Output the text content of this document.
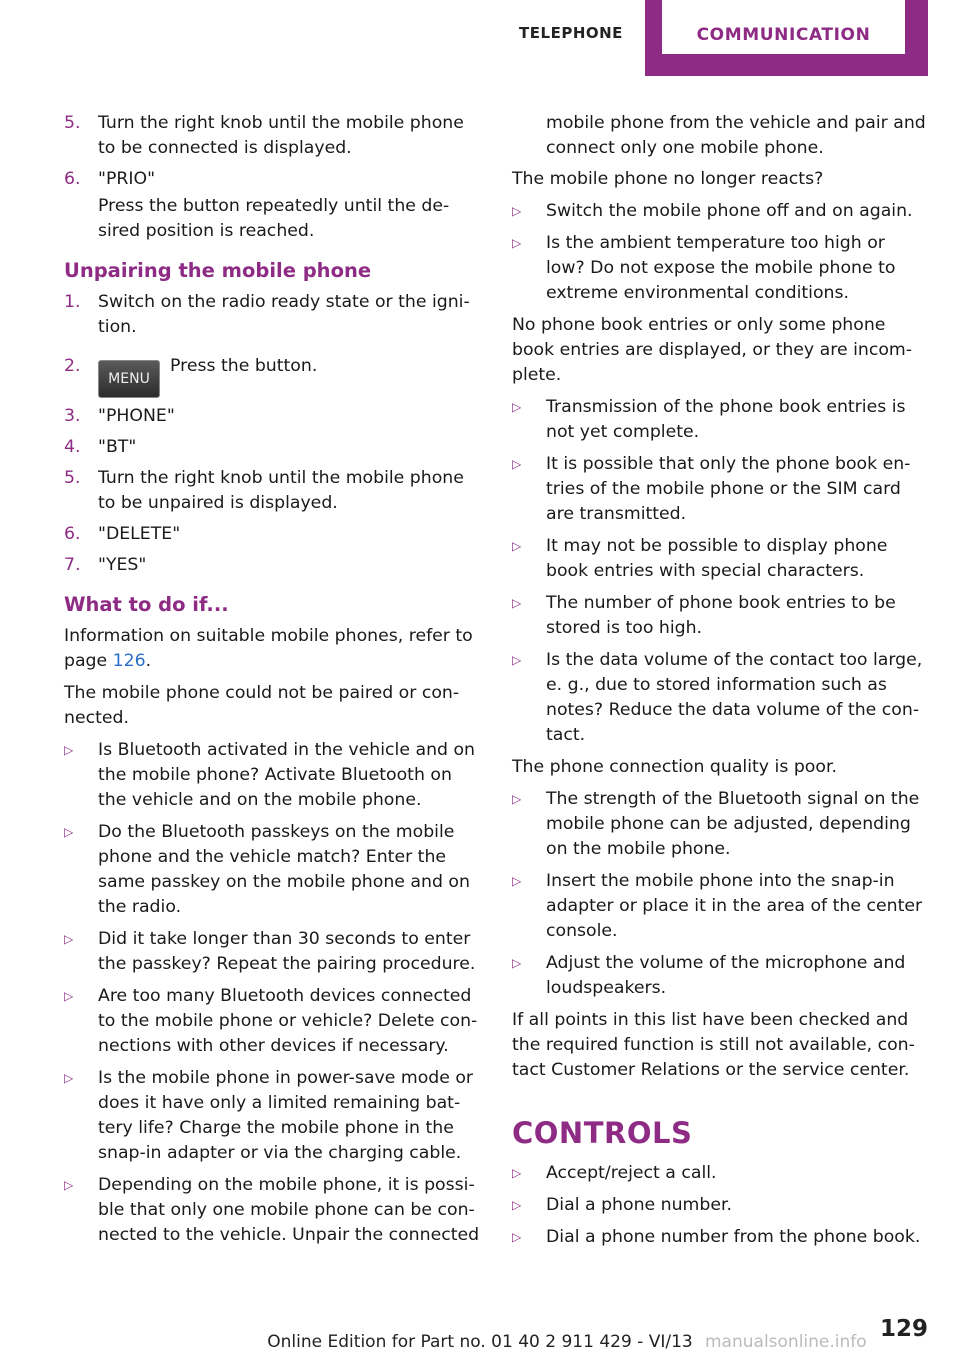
TELEPHONE	COMMUNICATION
5.	Turn the right knob until the mobile phone to be connected is displayed.
6.	"PRIO"
Press the button repeatedly until the de‐sired position is reached.
Unpairing the mobile phone
1.	Switch on the radio ready state or the igni‐tion.
2.
MENUPress the button.
3.	"PHONE"
4.	"BT"
5.	Turn the right knob until the mobile phone to be unpaired is displayed.
6.	"DELETE"
7.	"YES"
What to do if...

Information on suitable mobile phones, refer to page 126.

The mobile phone could not be paired or con‐nected.

▷	Is Bluetooth activated in the vehicle and on the mobile phone? Activate Bluetooth on the vehicle and on the mobile phone.
▷	Do the Bluetooth passkeys on the mobile phone and the vehicle match? Enter the same passkey on the mobile phone and on the radio.
▷	Did it take longer than 30 seconds to enter the passkey? Repeat the pairing procedure.
▷	Are too many Bluetooth devices connected to the mobile phone or vehicle? Delete con‐nections with other devices if necessary.
▷	Is the mobile phone in power-save mode or does it have only a limited remaining bat‐tery life? Charge the mobile phone in the snap-in adapter or via the charging cable.
▷	Depending on the mobile phone, it is possi‐ble that only one mobile phone can be con‐nected to the vehicle. Unpair the connected
mobile phone from the vehicle and pair and connect only one mobile phone.

The mobile phone no longer reacts?

▷	Switch the mobile phone off and on again.
▷	Is the ambient temperature too high or low? Do not expose the mobile phone to extreme environmental conditions.

No phone book entries or only some phone book entries are displayed, or they are incom‐plete.

▷	Transmission of the phone book entries is not yet complete.
▷	It is possible that only the phone book en‐tries of the mobile phone or the SIM card are transmitted.
▷	It may not be possible to display phone book entries with special characters.
▷	The number of phone book entries to be stored is too high.
▷	Is the data volume of the contact too large, e. g., due to stored information such as notes? Reduce the data volume of the con‐tact.

The phone connection quality is poor.

▷	The strength of the Bluetooth signal on the mobile phone can be adjusted, depending on the mobile phone.
▷	Insert the mobile phone into the snap-in adapter or place it in the area of the center console.
▷	Adjust the volume of the microphone and loudspeakers.

If all points in this list have been checked and the required function is still not available, con‐tact Customer Relations or the service center.

CONTROLS
▷	Accept/reject a call.
▷	Dial a phone number.
▷	Dial a phone number from the phone book.
129
Online Edition for Part no. 01 40 2 911 429 - VI/13 manualsonline.info
